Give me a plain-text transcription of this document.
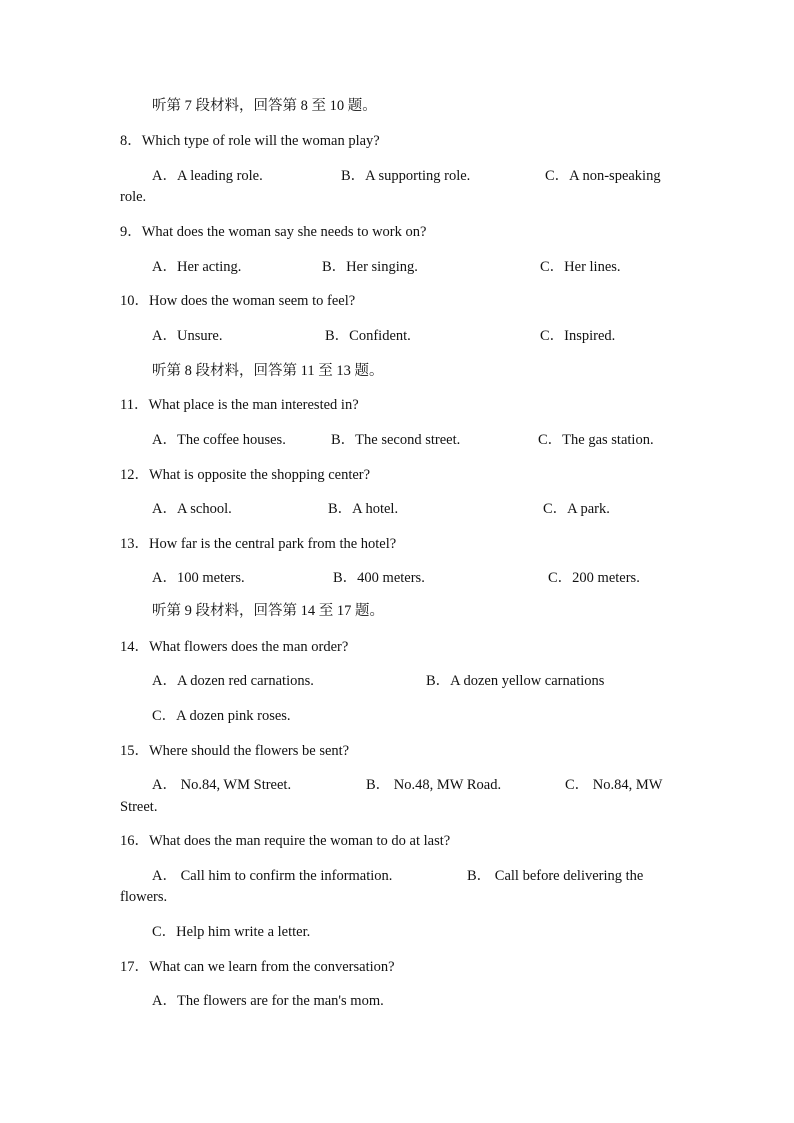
听第 7 段材料，回答第 8 至 10 题。
8．Which type of role will the woman play?
A．A leading role.	B．A supporting role.	C．A non-speaking
role.
9．What does the woman say she needs to work on?
A．Her acting.	B．Her singing.	C．Her lines.
10．How does the woman seem to feel?
A．Unsure.	B．Confident.	C．Inspired.
听第 8 段材料，回答第 11 至 13 题。
11．What place is the man interested in?
A．The coffee houses.	B．The second street.	C．The gas station.
12．What is opposite the shopping center?
A．A school.	B．A hotel.	C．A park.
13．How far is the central park from the hotel?
A．100 meters.	B．400 meters.	C．200 meters.
听第 9 段材料，回答第 14 至 17 题。
14．What flowers does the man order?
A．A dozen red carnations.	B．A dozen yellow carnations
C．A dozen pink roses.
15．Where should the flowers be sent?
A． No.84, WM Street.	B． No.48, MW Road.	C． No.84, MW
Street.
16．What does the man require the woman to do at last?
A． Call him to confirm the information.	B． Call before delivering the
flowers.
C．Help him write a letter.
17．What can we learn from the conversation?
A．The flowers are for the man's mom.
